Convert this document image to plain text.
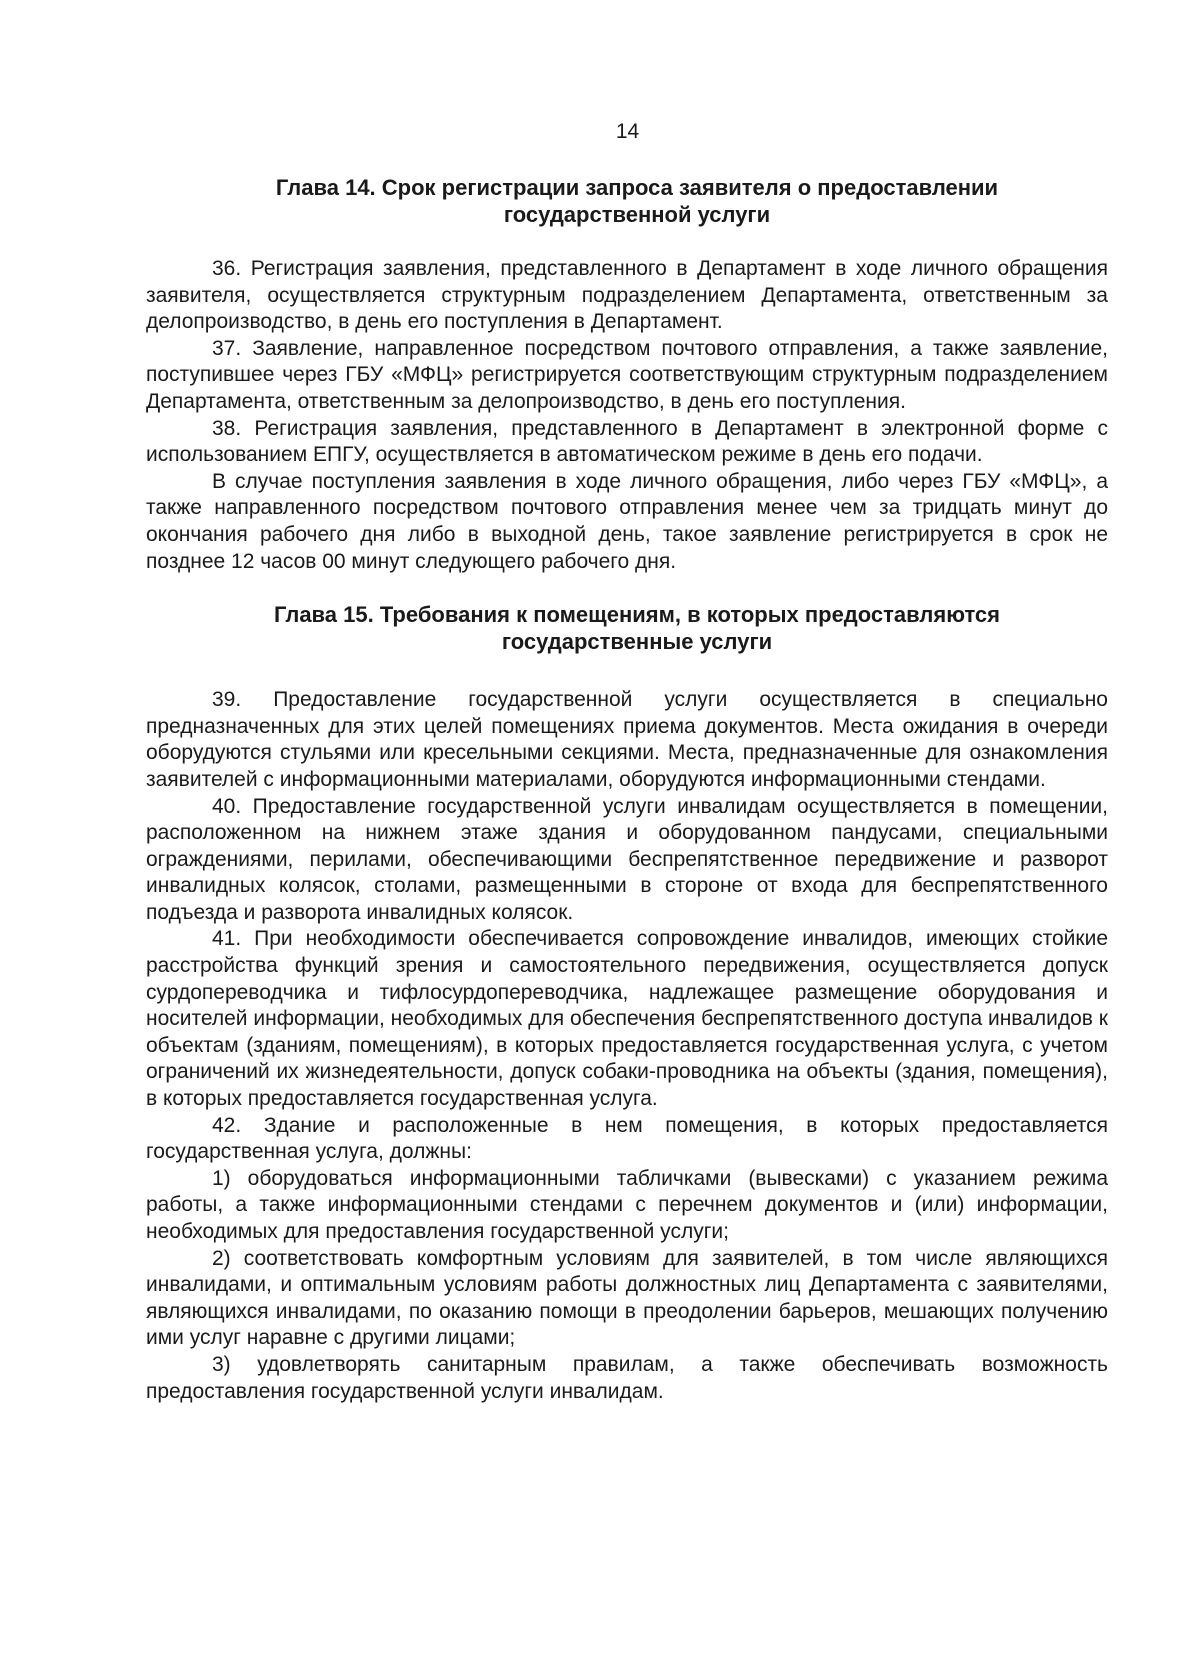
14
Глава 14. Срок регистрации запроса заявителя о предоставлении
государственной услуги

36. Регистрация заявления, представленного в Департамент в ходе личного обращения заявителя, осуществляется структурным подразделением Департамента, ответственным за делопроизводство, в день его поступления в Департамент.

37. Заявление, направленное посредством почтового отправления, а также заявление, поступившее через ГБУ «МФЦ» регистрируется соответствующим структурным подразделением Департамента, ответственным за делопроизводство, в день его поступления.

38. Регистрация заявления, представленного в Департамент в электронной форме с использованием ЕПГУ, осуществляется в автоматическом режиме в день его подачи.

В случае поступления заявления в ходе личного обращения, либо через ГБУ «МФЦ», а также направленного посредством почтового отправления менее чем за тридцать минут до окончания рабочего дня либо в выходной день, такое заявление регистрируется в срок не позднее 12 часов 00 минут следующего рабочего дня.

Глава 15. Требования к помещениям, в которых предоставляются
государственные услуги

39. Предоставление государственной услуги осуществляется в специально предназначенных для этих целей помещениях приема документов. Места ожидания в очереди оборудуются стульями или кресельными секциями. Места, предназначенные для ознакомления заявителей с информационными материалами, оборудуются информационными стендами.

40. Предоставление государственной услуги инвалидам осуществляется в помещении, расположенном на нижнем этаже здания и оборудованном пандусами, специальными ограждениями, перилами, обеспечивающими беспрепятственное передвижение и разворот инвалидных колясок, столами, размещенными в стороне от входа для беспрепятственного подъезда и разворота инвалидных колясок.

41. При необходимости обеспечивается сопровождение инвалидов, имеющих стойкие расстройства функций зрения и самостоятельного передвижения, осуществляется допуск сурдопереводчика и тифлосурдопереводчика, надлежащее размещение оборудования и носителей информации, необходимых для обеспечения беспрепятственного доступа инвалидов к объектам (зданиям, помещениям), в которых предоставляется государственная услуга, с учетом ограничений их жизнедеятельности, допуск собаки-проводника на объекты (здания, помещения), в которых предоставляется государственная услуга.

42. Здание и расположенные в нем помещения, в которых предоставляется государственная услуга, должны:

1) оборудоваться информационными табличками (вывесками) с указанием режима работы, а также информационными стендами с перечнем документов и (или) информации, необходимых для предоставления государственной услуги;

2) соответствовать комфортным условиям для заявителей, в том числе являющихся инвалидами, и оптимальным условиям работы должностных лиц Департамента с заявителями, являющихся инвалидами, по оказанию помощи в преодолении барьеров, мешающих получению ими услуг наравне с другими лицами;

3) удовлетворять санитарным правилам, а также обеспечивать возможность предоставления государственной услуги инвалидам.
